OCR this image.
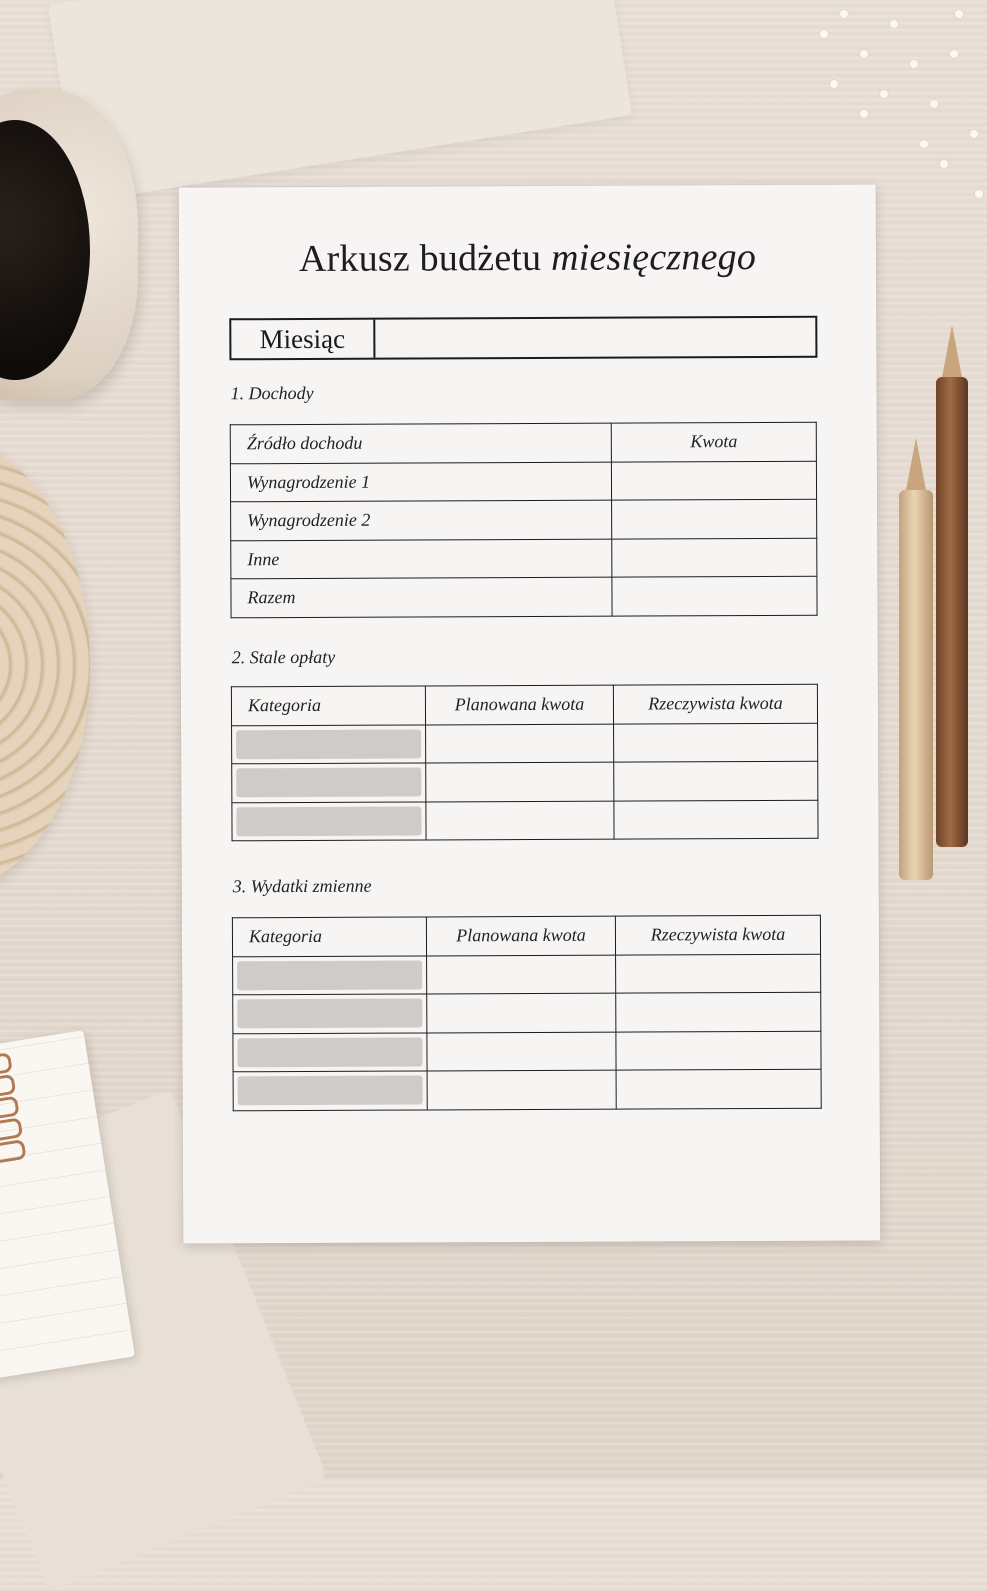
Arkusz budżetu miesięcznego
Miesiąc
1. Dochody
Źródło dochodu	Kwota
Wynagrodzenie 1	
Wynagrodzenie 2	
Inne	
Razem	
2. Stale opłaty
Kategoria	Planowana kwota	Rzeczywista kwota

3. Wydatki zmienne
Kategoria	Planowana kwota	Rzeczywista kwota
